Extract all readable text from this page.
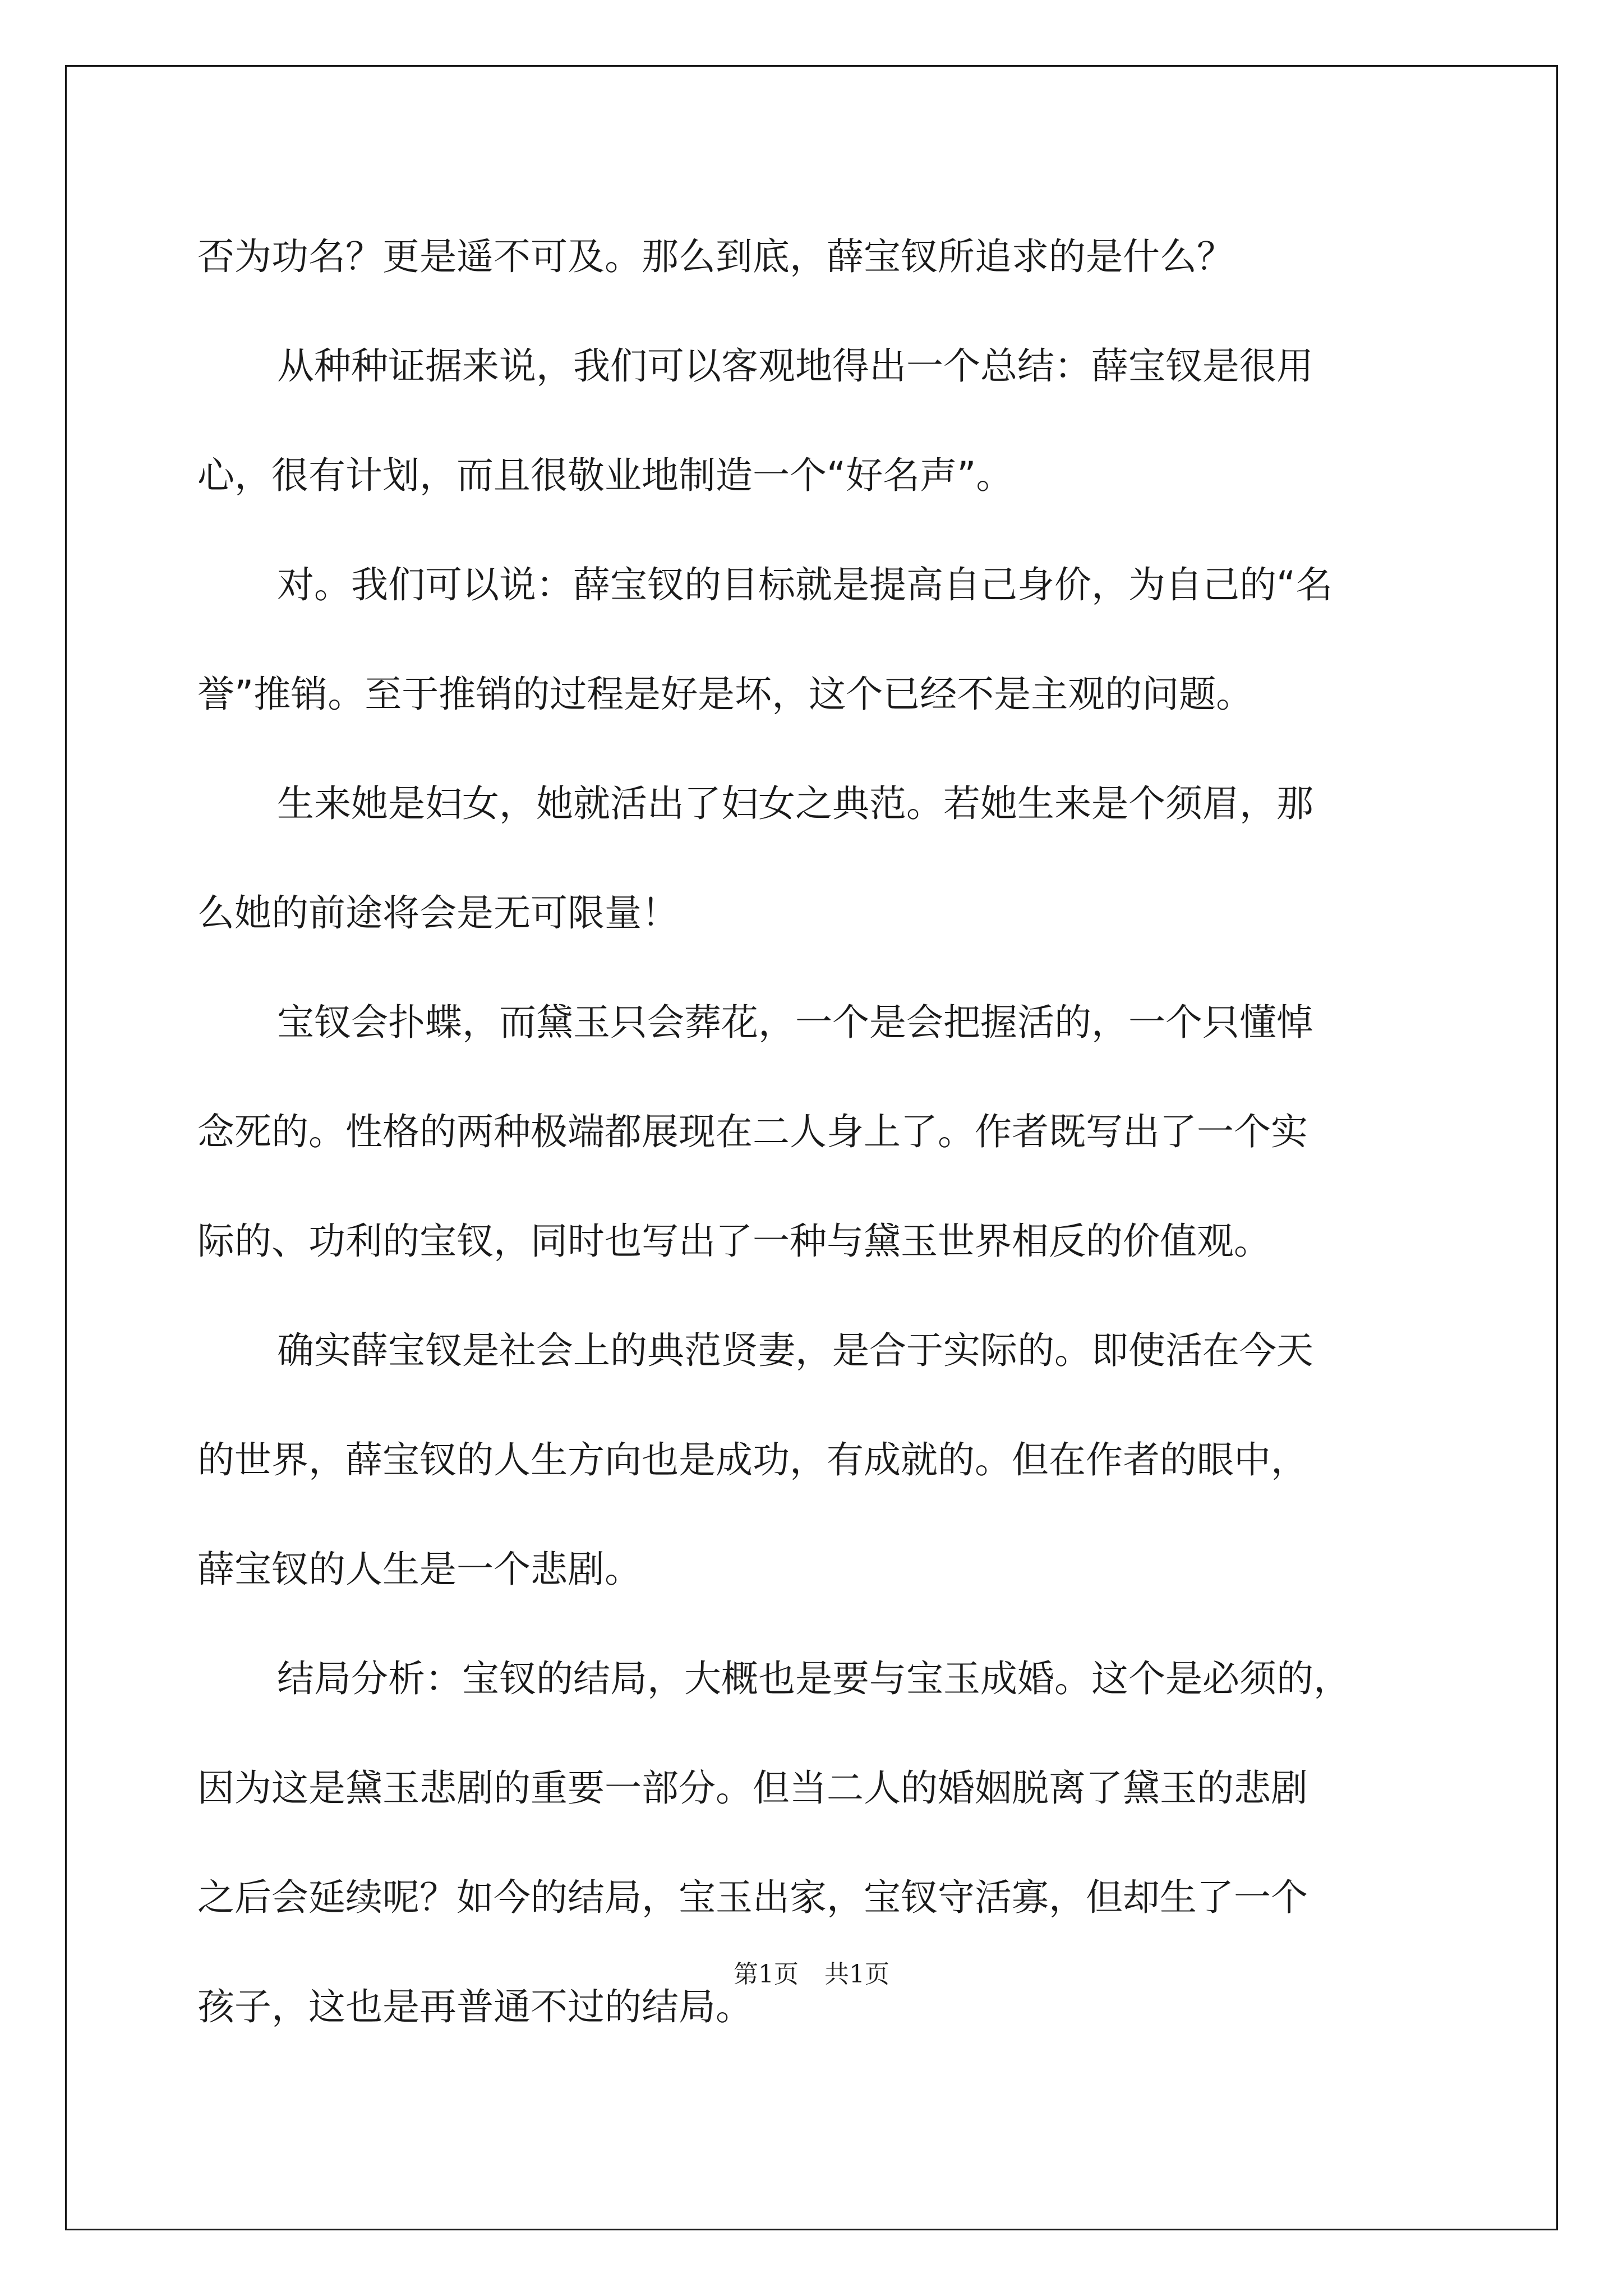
否为功名？更是遥不可及。那么到底，薛宝钗所追求的是什么？
从种种证据来说，我们可以客观地得出一个总结：薛宝钗是很用
心，很有计划，而且很敬业地制造一个“好名声”。
对。我们可以说：薛宝钗的目标就是提高自己身价，为自己的“名
誉”推销。至于推销的过程是好是坏，这个已经不是主观的问题。
生来她是妇女，她就活出了妇女之典范。若她生来是个须眉，那
么她的前途将会是无可限量！
宝钗会扑蝶，而黛玉只会葬花，一个是会把握活的，一个只懂悼
念死的。性格的两种极端都展现在二人身上了。作者既写出了一个实
际的、功利的宝钗，同时也写出了一种与黛玉世界相反的价值观。
确实薛宝钗是社会上的典范贤妻，是合于实际的。即使活在今天
的世界，薛宝钗的人生方向也是成功，有成就的。但在作者的眼中，
薛宝钗的人生是一个悲剧。
结局分析：宝钗的结局，大概也是要与宝玉成婚。这个是必须的，
因为这是黛玉悲剧的重要一部分。但当二人的婚姻脱离了黛玉的悲剧
之后会延续呢？如今的结局，宝玉出家，宝钗守活寡，但却生了一个
孩子，这也是再普通不过的结局。
第1页 共1页
